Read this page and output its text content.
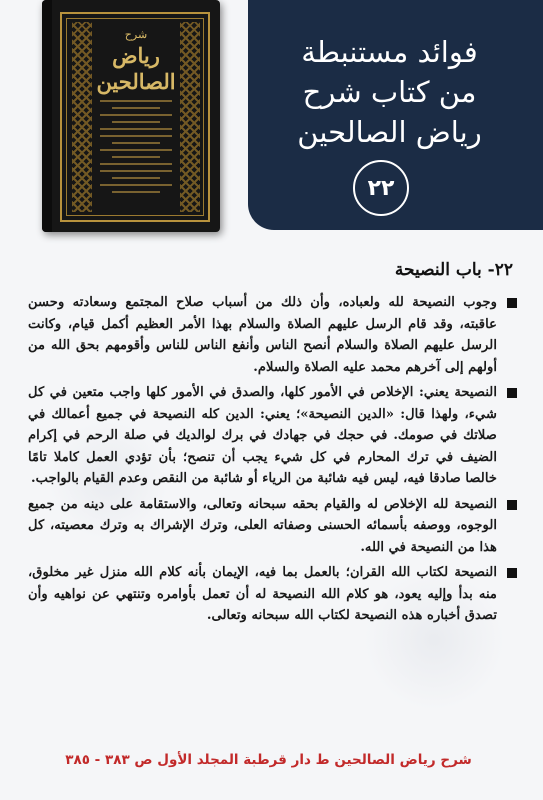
شرح
رياض الصالحين
فوائد مستنبطة
من كتاب شرح
رياض الصالحين
٢٢
٢٢- باب النصيحة
وجوب النصيحة لله ولعباده، وأن ذلك من أسباب صلاح المجتمع وسعادته وحسن عاقبته، وقد قام الرسل عليهم الصلاة والسلام بهذا الأمر العظيم أكمل قيام، وكانت الرسل عليهم الصلاة والسلام أنصح الناس وأنفع الناس للناس وأقومهم بحق الله من أولهم إلى آخرهم محمد عليه الصلاة والسلام.
النصيحة يعني: الإخلاص في الأمور كلها، والصدق في الأمور كلها واجب متعين في كل شيء، ولهذا قال: «الدين النصيحة»؛ يعني: الدين كله النصيحة في جميع أعمالك في صلاتك في صومك. في حجك في جهادك في برك لوالديك في صلة الرحم في إكرام الضيف في ترك المحارم في كل شيء يجب أن تنصح؛ بأن تؤدي العمل كاملا تامًا خالصا صادقا فيه، ليس فيه شائبة من الرياء أو شائبة من النقص وعدم القيام بالواجب.
النصيحة لله الإخلاص له والقيام بحقه سبحانه وتعالى، والاستقامة على دينه من جميع الوجوه، ووصفه بأسمائه الحسنى وصفاته العلى، وترك الإشراك به وترك معصيته، كل هذا من النصيحة في الله.
النصيحة لكتاب الله القران؛ بالعمل بما فيه، الإيمان بأنه كلام الله منزل غير مخلوق، منه بدأ وإليه يعود، هو كلام الله النصيحة له أن تعمل بأوامره وتنتهي عن نواهيه وأن تصدق أخباره هذه النصيحة لكتاب الله سبحانه وتعالى.
شرح رياض الصالحين ط دار قرطبة المجلد الأول ص ٣٨٣ - ٣٨٥
